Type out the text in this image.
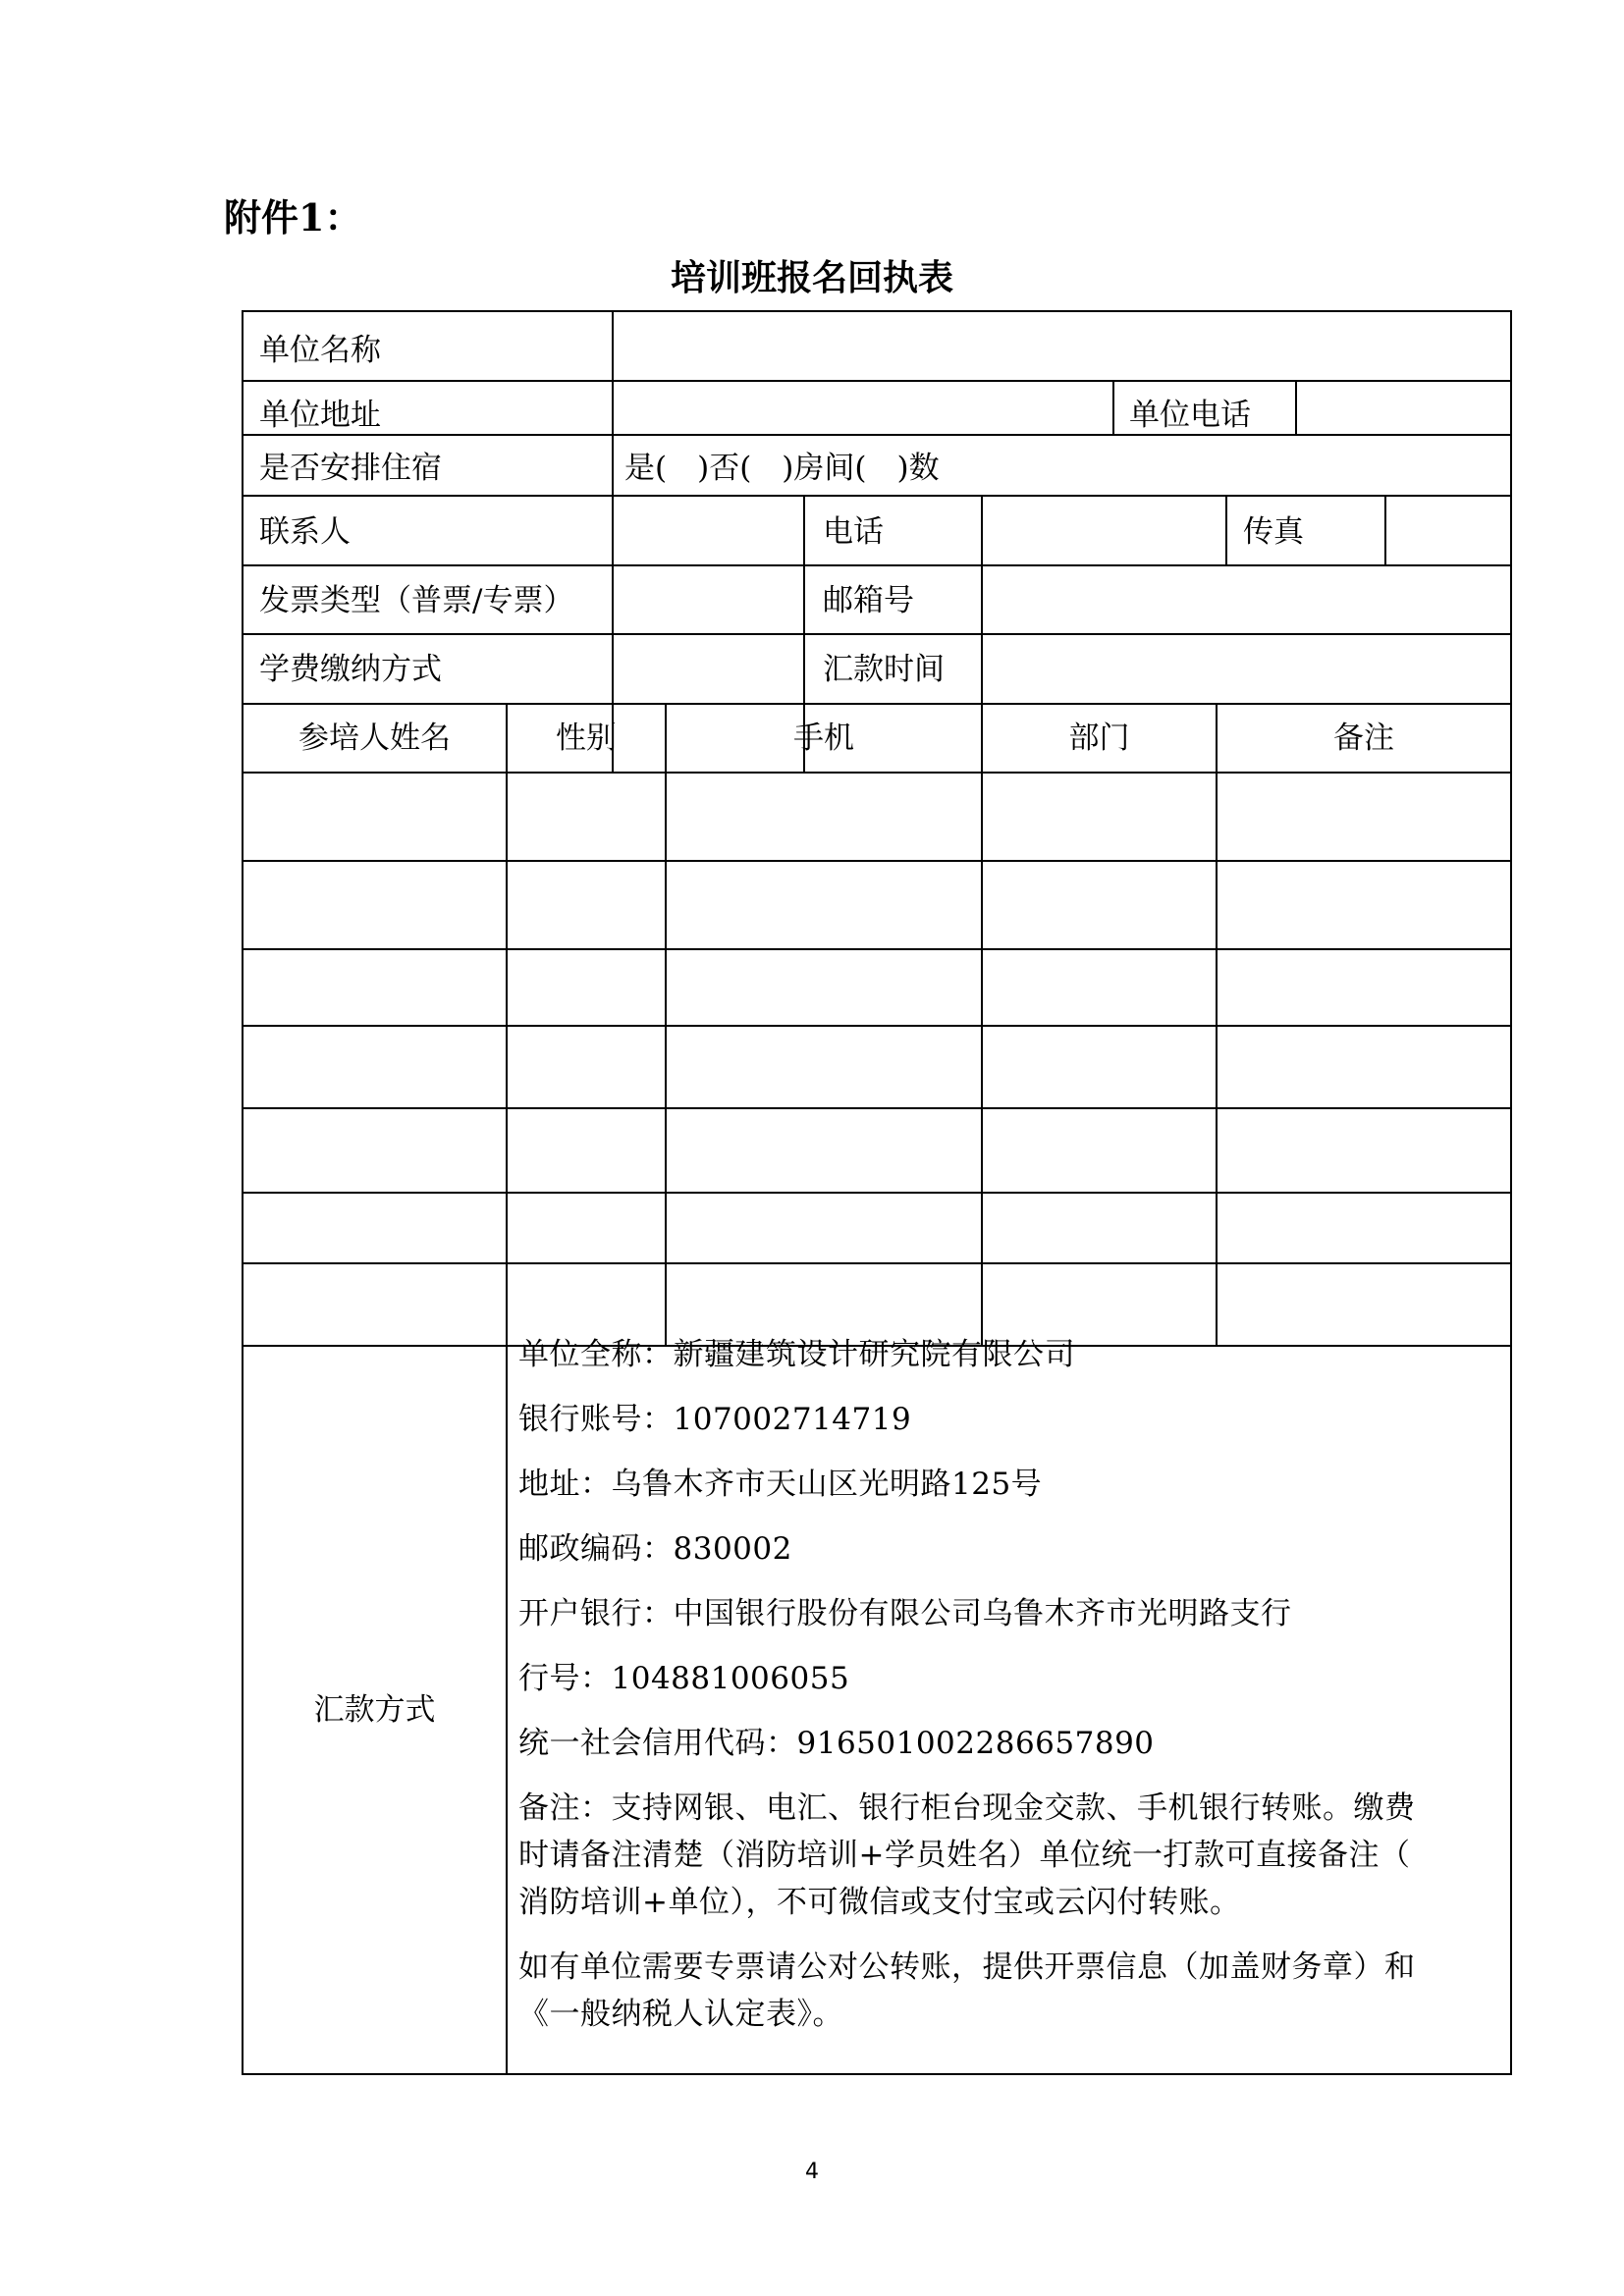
附件1：
培训班报名回执表
单位名称
单位地址	单位电话
是否安排住宿	是(　)否(　)房间(　)数
联系人	电话	传真
发票类型（普票/专票）	邮箱号
学费缴纳方式	汇款时间
参培人姓名	性别	手机	部门	备注
汇款方式

单位全称：新疆建筑设计研究院有限公司

银行账号：107002714719

地址：乌鲁木齐市天山区光明路125号

邮政编码：830002

开户银行：中国银行股份有限公司乌鲁木齐市光明路支行

行号：104881006055

统一社会信用代码：916501002286657890

备注：支持网银、电汇、银行柜台现金交款、手机银行转账。缴费

时请备注清楚（消防培训+学员姓名）单位统一打款可直接备注（

消防培训+单位），不可微信或支付宝或云闪付转账。

如有单位需要专票请公对公转账，提供开票信息（加盖财务章）和

《一般纳税人认定表》。

4
